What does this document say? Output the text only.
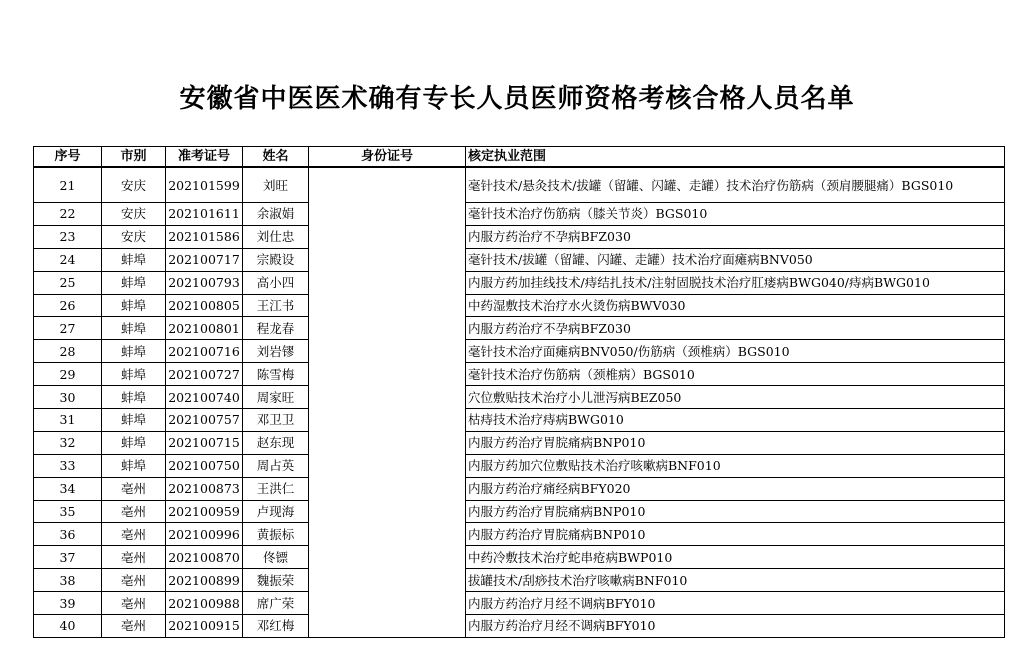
安徽省中医医术确有专长人员医师资格考核合格人员名单
序号	市别	准考证号	姓名	身份证号	核定执业范围
21	安庆	202101599	刘旺		毫针技术/悬灸技术/拔罐（留罐、闪罐、走罐）技术治疗伤筋病（颈肩腰腿痛）BGS010
22	安庆	202101611	余淑娟		毫针技术治疗伤筋病（膝关节炎）BGS010
23	安庆	202101586	刘仕忠		内服方药治疗不孕病BFZ030
24	蚌埠	202100717	宗殿设		毫针技术/拔罐（留罐、闪罐、走罐）技术治疗面瘫病BNV050
25	蚌埠	202100793	高小四		内服方药加挂线技术/痔结扎技术/注射固脱技术治疗肛瘘病BWG040/痔病BWG010
26	蚌埠	202100805	王江书		中药湿敷技术治疗水火烫伤病BWV030
27	蚌埠	202100801	程龙春		内服方药治疗不孕病BFZ030
28	蚌埠	202100716	刘岩镠		毫针技术治疗面瘫病BNV050/伤筋病（颈椎病）BGS010
29	蚌埠	202100727	陈雪梅		毫针技术治疗伤筋病（颈椎病）BGS010
30	蚌埠	202100740	周家旺		穴位敷贴技术治疗小儿泄泻病BEZ050
31	蚌埠	202100757	邓卫卫		枯痔技术治疗痔病BWG010
32	蚌埠	202100715	赵东现		内服方药治疗胃脘痛病BNP010
33	蚌埠	202100750	周占英		内服方药加穴位敷贴技术治疗咳嗽病BNF010
34	亳州	202100873	王洪仁		内服方药治疗痛经病BFY020
35	亳州	202100959	卢现海		内服方药治疗胃脘痛病BNP010
36	亳州	202100996	黄振标		内服方药治疗胃脘痛病BNP010
37	亳州	202100870	佟镖		中药冷敷技术治疗蛇串疮病BWP010
38	亳州	202100899	魏振荣		拔罐技术/刮痧技术治疗咳嗽病BNF010
39	亳州	202100988	席广荣		内服方药治疗月经不调病BFY010
40	亳州	202100915	邓红梅		内服方药治疗月经不调病BFY010
